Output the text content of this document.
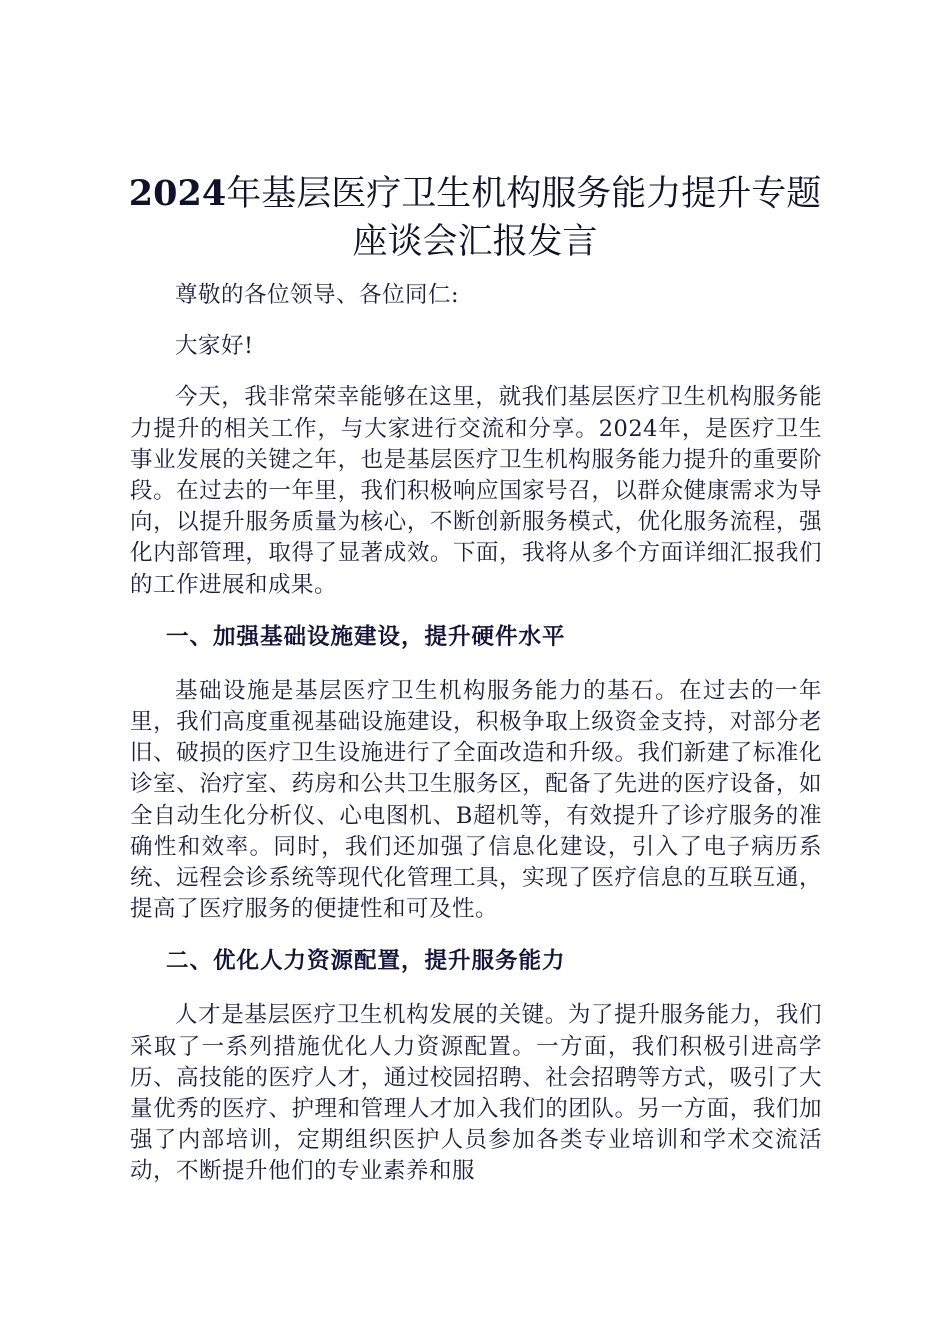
2024年基层医疗卫生机构服务能力提升专题
座谈会汇报发言

尊敬的各位领导、各位同仁:

大家好!

今天，我非常荣幸能够在这里，就我们基层医疗卫生机构服务能力提升的相关工作，与大家进行交流和分享。2024年，是医疗卫生事业发展的关键之年，也是基层医疗卫生机构服务能力提升的重要阶段。在过去的一年里，我们积极响应国家号召，以群众健康需求为导向，以提升服务质量为核心，不断创新服务模式，优化服务流程，强化内部管理，取得了显著成效。下面，我将从多个方面详细汇报我们的工作进展和成果。

一、加强基础设施建设，提升硬件水平

基础设施是基层医疗卫生机构服务能力的基石。在过去的一年里，我们高度重视基础设施建设，积极争取上级资金支持，对部分老旧、破损的医疗卫生设施进行了全面改造和升级。我们新建了标准化诊室、治疗室、药房和公共卫生服务区，配备了先进的医疗设备，如全自动生化分析仪、心电图机、B超机等，有效提升了诊疗服务的准确性和效率。同时，我们还加强了信息化建设，引入了电子病历系统、远程会诊系统等现代化管理工具，实现了医疗信息的互联互通，提高了医疗服务的便捷性和可及性。

二、优化人力资源配置，提升服务能力

人才是基层医疗卫生机构发展的关键。为了提升服务能力，我们采取了一系列措施优化人力资源配置。一方面，我们积极引进高学历、高技能的医疗人才，通过校园招聘、社会招聘等方式，吸引了大量优秀的医疗、护理和管理人才加入我们的团队。另一方面，我们加强了内部培训，定期组织医护人员参加各类专业培训和学术交流活动，不断提升他们的专业素养和服
